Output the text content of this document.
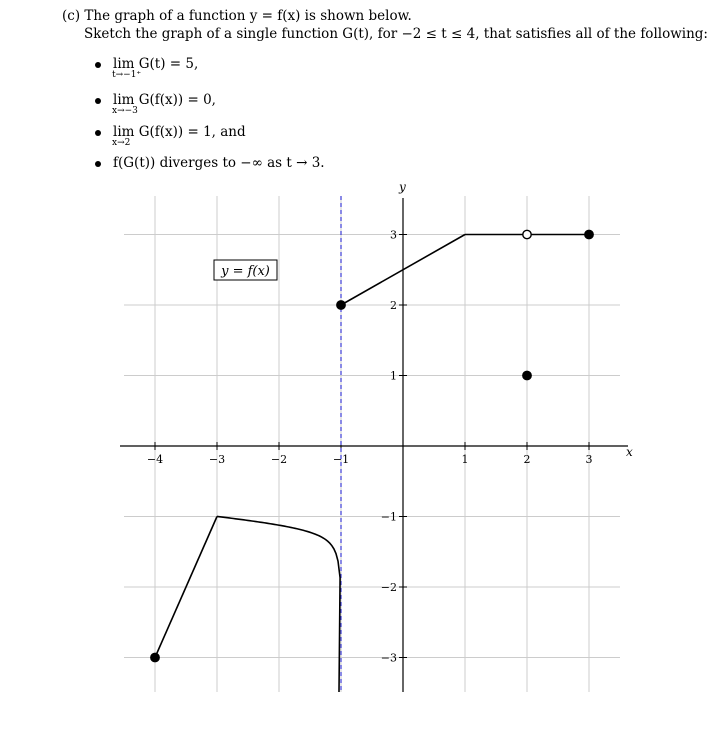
(c) The graph of a function y = f(x) is shown below.
Sketch the graph of a single function G(t), for −2 ≤ t ≤ 4, that satisfies all of the following:
lim G(t) = 5,
t→−1⁺
lim G(f(x)) = 0,
x→−3
lim G(f(x)) = 1, and
x→2
f(G(t)) diverges to −∞ as t → 3.
−4	−3	−2	−1	1	2	3
3
2
1
−1
−2
−3
x
y
y = f(x)
